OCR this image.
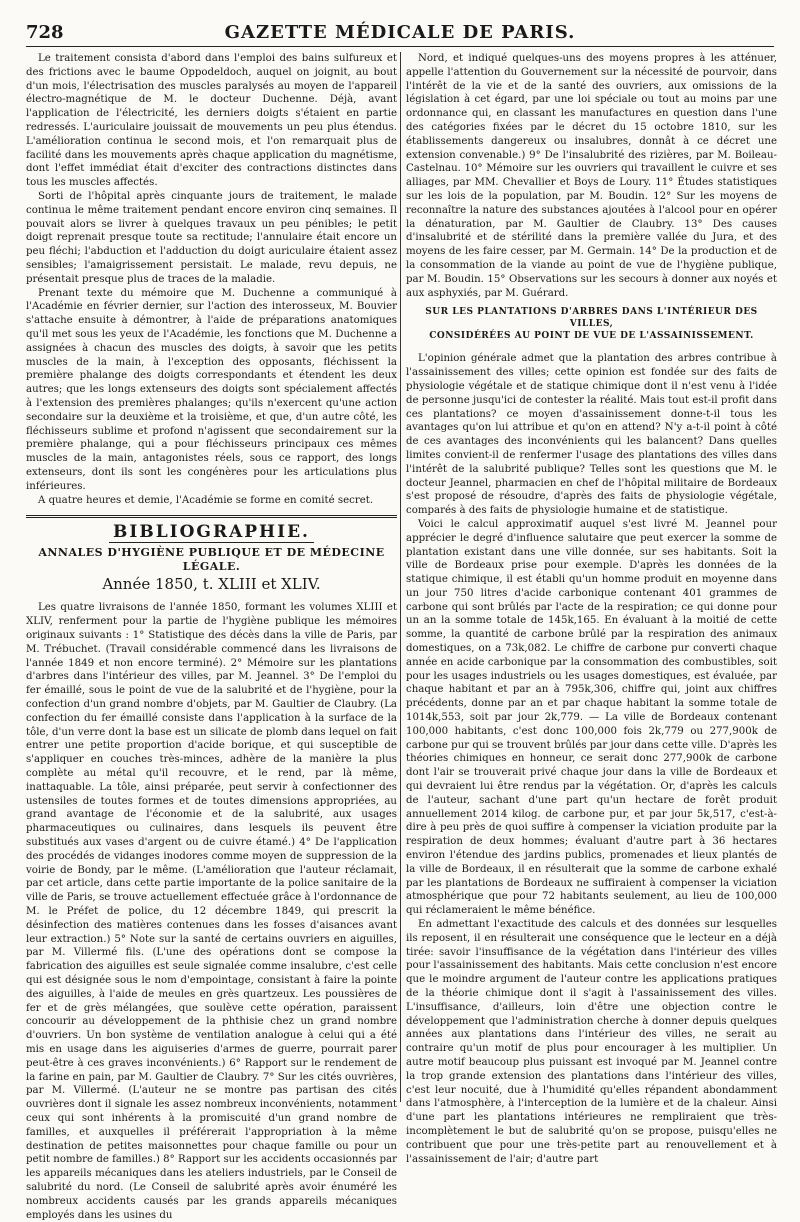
728	GAZETTE MÉDICALE DE PARIS.

Le traitement consista d'abord dans l'emploi des bains sulfureux et des frictions avec le baume Oppodeldoch, auquel on joignit, au bout d'un mois, l'électrisation des muscles paralysés au moyen de l'appareil électro-magnétique de M. le docteur Duchenne. Déjà, avant l'application de l'électricité, les derniers doigts s'étaient en partie redressés. L'auriculaire jouissait de mouvements un peu plus étendus. L'amélioration continua le second mois, et l'on remarquait plus de facilité dans les mouvements après chaque application du magnétisme, dont l'effet immédiat était d'exciter des contractions distinctes dans tous les muscles affectés.

Sorti de l'hôpital après cinquante jours de traitement, le malade continua le même traitement pendant encore environ cinq semaines. Il pouvait alors se livrer à quelques travaux un peu pénibles; le petit doigt reprenait presque toute sa rectitude; l'annulaire était encore un peu fléchi; l'abduction et l'adduction du doigt auriculaire étaient assez sensibles; l'amaigrissement persistait. Le malade, revu depuis, ne présentait presque plus de traces de la maladie.

Prenant texte du mémoire que M. Duchenne a communiqué à l'Académie en février dernier, sur l'action des interosseux, M. Bouvier s'attache ensuite à démontrer, à l'aide de préparations anatomiques qu'il met sous les yeux de l'Académie, les fonctions que M. Duchenne a assignées à chacun des muscles des doigts, à savoir que les petits muscles de la main, à l'exception des opposants, fléchissent la première phalange des doigts correspondants et étendent les deux autres; que les longs extenseurs des doigts sont spécialement affectés à l'extension des premières phalanges; qu'ils n'exercent qu'une action secondaire sur la deuxième et la troisième, et que, d'un autre côté, les fléchisseurs sublime et profond n'agissent que secondairement sur la première phalange, qui a pour fléchisseurs principaux ces mêmes muscles de la main, antagonistes réels, sous ce rapport, des longs extenseurs, dont ils sont les congénères pour les articulations plus inférieures.

A quatre heures et demie, l'Académie se forme en comité secret.

BIBLIOGRAPHIE.

ANNALES D'HYGIÈNE PUBLIQUE ET DE MÉDECINE LÉGALE.

Année 1850, t. XLIII et XLIV.

Les quatre livraisons de l'année 1850, formant les volumes XLIII et XLIV, renferment pour la partie de l'hygiène publique les mémoires originaux suivants : 1° Statistique des décès dans la ville de Paris, par M. Trébuchet. (Travail considérable commencé dans les livraisons de l'année 1849 et non encore terminé). 2° Mémoire sur les plantations d'arbres dans l'intérieur des villes, par M. Jeannel. 3° De l'emploi du fer émaillé, sous le point de vue de la salubrité et de l'hygiène, pour la confection d'un grand nombre d'objets, par M. Gaultier de Claubry. (La confection du fer émaillé consiste dans l'application à la surface de la tôle, d'un verre dont la base est un silicate de plomb dans lequel on fait entrer une petite proportion d'acide borique, et qui susceptible de s'appliquer en couches très-minces, adhère de la manière la plus complète au métal qu'il recouvre, et le rend, par là même, inattaquable. La tôle, ainsi préparée, peut servir à confectionner des ustensiles de toutes formes et de toutes dimensions appropriées, au grand avantage de l'économie et de la salubrité, aux usages pharmaceutiques ou culinaires, dans lesquels ils peuvent être substitués aux vases d'argent ou de cuivre étamé.) 4° De l'application des procédés de vidanges inodores comme moyen de suppression de la voirie de Bondy, par le même. (L'amélioration que l'auteur réclamait, par cet article, dans cette partie importante de la police sanitaire de la ville de Paris, se trouve actuellement effectuée grâce à l'ordonnance de M. le Préfet de police, du 12 décembre 1849, qui prescrit la désinfection des matières contenues dans les fosses d'aisances avant leur extraction.) 5° Note sur la santé de certains ouvriers en aiguilles, par M. Villermé fils. (L'une des opérations dont se compose la fabrication des aiguilles est seule signalée comme insalubre, c'est celle qui est désignée sous le nom d'empointage, consistant à faire la pointe des aiguilles, à l'aide de meules en grès quartzeux. Les poussières de fer et de grès mélangées, que soulève cette opération, paraissent concourir au développement de la phthisie chez un grand nombre d'ouvriers. Un bon système de ventilation analogue à celui qui a été mis en usage dans les aiguiseries d'armes de guerre, pourrait parer peut-être à ces graves inconvénients.) 6° Rapport sur le rendement de la farine en pain, par M. Gaultier de Claubry. 7° Sur les cités ouvrières, par M. Villermé. (L'auteur ne se montre pas partisan des cités ouvrières dont il signale les assez nombreux inconvénients, notamment ceux qui sont inhérents à la promiscuité d'un grand nombre de familles, et auxquelles il préférerait l'appropriation à la même destination de petites maisonnettes pour chaque famille ou pour un petit nombre de familles.) 8° Rapport sur les accidents occasionnés par les appareils mécaniques dans les ateliers industriels, par le Conseil de salubrité du nord. (Le Conseil de salubrité après avoir énuméré les nombreux accidents causés par les grands appareils mécaniques employés dans les usines du

Nord, et indiqué quelques-uns des moyens propres à les atténuer, appelle l'attention du Gouvernement sur la nécessité de pourvoir, dans l'intérêt de la vie et de la santé des ouvriers, aux omissions de la législation à cet égard, par une loi spéciale ou tout au moins par une ordonnance qui, en classant les manufactures en question dans l'une des catégories fixées par le décret du 15 octobre 1810, sur les établissements dangereux ou insalubres, donnât à ce décret une extension convenable.) 9° De l'insalubrité des rizières, par M. Boileau-Castelnau. 10° Mémoire sur les ouvriers qui travaillent le cuivre et ses alliages, par MM. Chevallier et Boys de Loury. 11° Études statistiques sur les lois de la population, par M. Boudin. 12° Sur les moyens de reconnaître la nature des substances ajoutées à l'alcool pour en opérer la dénaturation, par M. Gaultier de Claubry. 13° Des causes d'insalubrité et de stérilité dans la première vallée du Jura, et des moyens de les faire cesser, par M. Germain. 14° De la production et de la consommation de la viande au point de vue de l'hygiène publique, par M. Boudin. 15° Observations sur les secours à donner aux noyés et aux asphyxiés, par M. Guérard.

SUR LES PLANTATIONS D'ARBRES DANS L'INTÉRIEUR DES VILLES,
CONSIDÉRÉES AU POINT DE VUE DE L'ASSAINISSEMENT.

L'opinion générale admet que la plantation des arbres contribue à l'assainissement des villes; cette opinion est fondée sur des faits de physiologie végétale et de statique chimique dont il n'est venu à l'idée de personne jusqu'ici de contester la réalité. Mais tout est-il profit dans ces plantations? ce moyen d'assainissement donne-t-il tous les avantages qu'on lui attribue et qu'on en attend? N'y a-t-il point à côté de ces avantages des inconvénients qui les balancent? Dans quelles limites convient-il de renfermer l'usage des plantations des villes dans l'intérêt de la salubrité publique? Telles sont les questions que M. le docteur Jeannel, pharmacien en chef de l'hôpital militaire de Bordeaux s'est proposé de résoudre, d'après des faits de physiologie végétale, comparés à des faits de physiologie humaine et de statistique.

Voici le calcul approximatif auquel s'est livré M. Jeannel pour apprécier le degré d'influence salutaire que peut exercer la somme de plantation existant dans une ville donnée, sur ses habitants. Soit la ville de Bordeaux prise pour exemple. D'après les données de la statique chimique, il est établi qu'un homme produit en moyenne dans un jour 750 litres d'acide carbonique contenant 401 grammes de carbone qui sont brûlés par l'acte de la respiration; ce qui donne pour un an la somme totale de 145k,165. En évaluant à la moitié de cette somme, la quantité de carbone brûlé par la respiration des animaux domestiques, on a 73k,082. Le chiffre de carbone pur converti chaque année en acide carbonique par la consommation des combustibles, soit pour les usages industriels ou les usages domestiques, est évaluée, par chaque habitant et par an à 795k,306, chiffre qui, joint aux chiffres précédents, donne par an et par chaque habitant la somme totale de 1014k,553, soit par jour 2k,779. — La ville de Bordeaux contenant 100,000 habitants, c'est donc 100,000 fois 2k,779 ou 277,900k de carbone pur qui se trouvent brûlés par jour dans cette ville. D'après les théories chimiques en honneur, ce serait donc 277,900k de carbone dont l'air se trouverait privé chaque jour dans la ville de Bordeaux et qui devraient lui être rendus par la végétation. Or, d'après les calculs de l'auteur, sachant d'une part qu'un hectare de forêt produit annuellement 2014 kilog. de carbone pur, et par jour 5k,517, c'est-à-dire à peu près de quoi suffire à compenser la viciation produite par la respiration de deux hommes; évaluant d'autre part à 36 hectares environ l'étendue des jardins publics, promenades et lieux plantés de la ville de Bordeaux, il en résulterait que la somme de carbone exhalé par les plantations de Bordeaux ne suffiraient à compenser la viciation atmosphérique que pour 72 habitants seulement, au lieu de 100,000 qui réclameraient le même bénéfice.

En admettant l'exactitude des calculs et des données sur lesquelles ils reposent, il en résulterait une conséquence que le lecteur en a déjà tirée: savoir l'insuffisance de la végétation dans l'intérieur des villes pour l'assainissement des habitants. Mais cette conclusion n'est encore que le moindre argument de l'auteur contre les applications pratiques de la théorie chimique dont il s'agit à l'assainissement des villes. L'insuffisance, d'ailleurs, loin d'être une objection contre le développement que l'administration cherche à donner depuis quelques années aux plantations dans l'intérieur des villes, ne serait au contraire qu'un motif de plus pour encourager à les multiplier. Un autre motif beaucoup plus puissant est invoqué par M. Jeannel contre la trop grande extension des plantations dans l'intérieur des villes, c'est leur nocuité, due à l'humidité qu'elles répandent abondamment dans l'atmosphère, à l'interception de la lumière et de la chaleur. Ainsi d'une part les plantations intérieures ne rempliraient que très-incomplètement le but de salubrité qu'on se propose, puisqu'elles ne contribuent que pour une très-petite part au renouvellement et à l'assainissement de l'air; d'autre part
